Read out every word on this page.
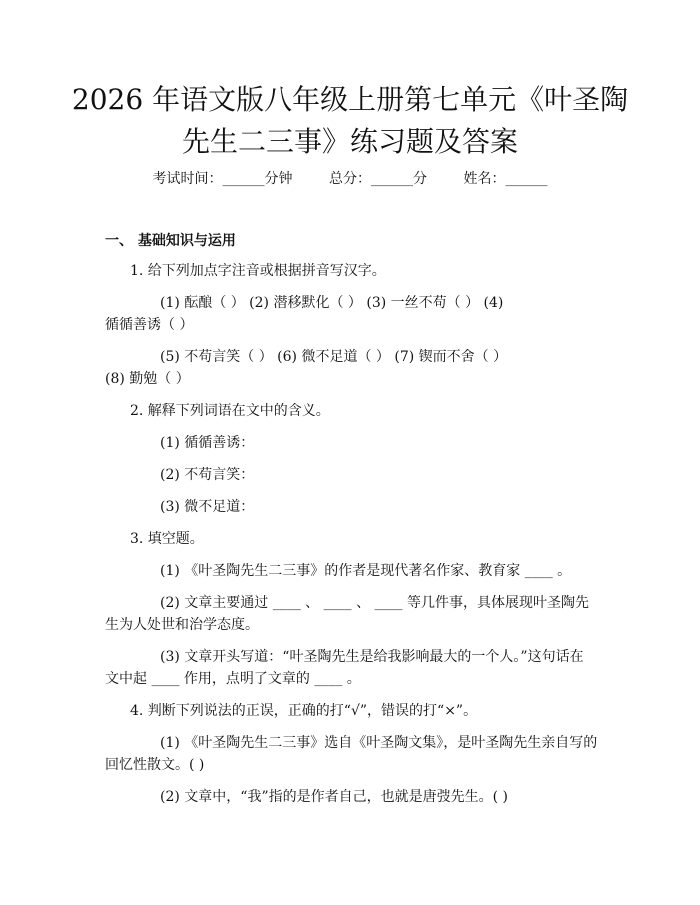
2026 年语文版八年级上册第七单元《叶圣陶
先生二三事》练习题及答案
考试时间：______分钟	总分：______分	姓名：______
一、 基础知识与运用
1. 给下列加点字注音或根据拼音写汉字。
(1) 酝酿（ ） (2) 潜移默化（ ） (3) 一丝不苟（ ） (4)
循循善诱（ ）
(5) 不苟言笑（ ） (6) 微不足道（ ） (7) 锲而不舍（ ）
(8) 勤勉（ ）
2. 解释下列词语在文中的含义。
(1) 循循善诱：
(2) 不苟言笑：
(3) 微不足道：
3. 填空题。
(1) 《叶圣陶先生二三事》的作者是现代著名作家、教育家 ____ 。
(2) 文章主要通过 ____ 、 ____ 、 ____ 等几件事，具体展现叶圣陶先
生为人处世和治学态度。
(3) 文章开头写道：“叶圣陶先生是给我影响最大的一个人。”这句话在
文中起 ____ 作用，点明了文章的 ____ 。
4. 判断下列说法的正误，正确的打“√”，错误的打“×”。
(1) 《叶圣陶先生二三事》选自《叶圣陶文集》，是叶圣陶先生亲自写的
回忆性散文。( )
(2) 文章中，“我”指的是作者自己，也就是唐弢先生。( )
